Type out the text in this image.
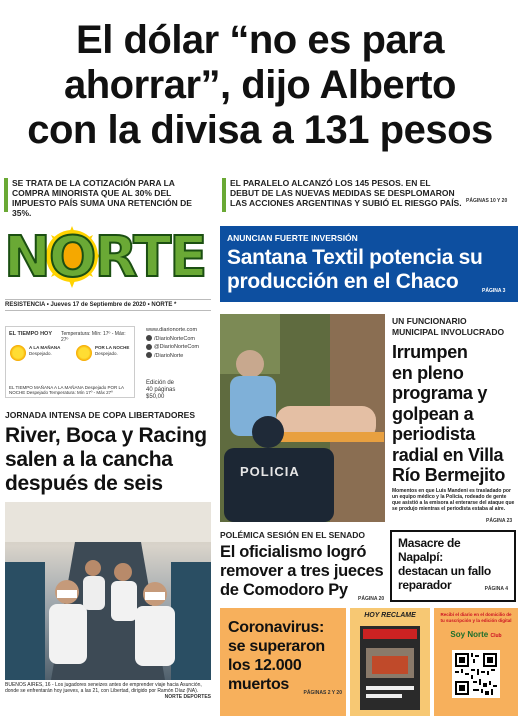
El dólar “no es para
ahorrar”, dijo Alberto
con la divisa a 131 pesos
SE TRATA DE LA COTIZACIÓN PARA LA COMPRA MINORISTA QUE AL 30% DEL IMPUESTO PAÍS SUMA UNA RETENCIÓN DE 35%.
EL PARALELO ALCANZÓ LOS 145 PESOS. EN EL DEBUT DE LAS NUEVAS MEDIDAS SE DESPLOMARON LAS ACCIONES ARGENTINAS Y SUBIÓ EL RIESGO PAÍS. PÁGINAS 10 Y 20
NORTE
RESISTENCIA • Jueves 17 de Septiembre de 2020 • NORTE *
EL TIEMPO HOY Temperatura: Mín: 17º - Máx: 27º
A LA MAÑANA
Despejado.
POR LA NOCHE
Despejado.
EL TIEMPO MAÑANA A LA MAÑANA Despejado POR LA NOCHE Despejado Temperatura: Mín 17º - Máx 27º
www.diarionorte.com
/DiarioNorteCom
@DiarioNorteCom
/DiarioNorte
Edición de
40 páginas
$50,00
JORNADA INTENSA DE COPA LIBERTADORES
River, Boca y Racing
salen a la cancha
después de seis
BUENOS AIRES, 16 - Los jugadores xeneizes antes de emprender viaje hacia Asunción, donde se enfrentarán hoy jueves, a las 21, con Libertad, dirigido por Ramón Díaz (NA).
NORTE DEPORTES
ANUNCIAN FUERTE INVERSIÓN
Santana Textil potencia su
producción en el Chaco	PÁGINA 3
POLICIA
UN FUNCIONARIO
MUNICIPAL INVOLUCRADO
Irrumpen
en pleno
programa y
golpean a
periodista
radial en Villa
Río Bermejito
Momentos en que Luis Mandeni es trasladado por un equipo médico y la Policía, rodeado de gente que asistió a la emisora al enterarse del ataque que se produjo mientras el periodista estaba al aire.
PÁGINA 23
POLÉMICA SESIÓN EN EL SENADO
El oficialismo logró
remover a tres jueces
de Comodoro Py	PÁGINA 20
Masacre de
Napalpí:
destacan un fallo
reparador	PÁGINA 4
Coronavirus:
se superaron
los 12.000
muertos	PÁGINAS 2 Y 20
HOY RECLAME	Recibí el diario en el domicilio de tu suscripción y la edición digital
Soy Norte Club
